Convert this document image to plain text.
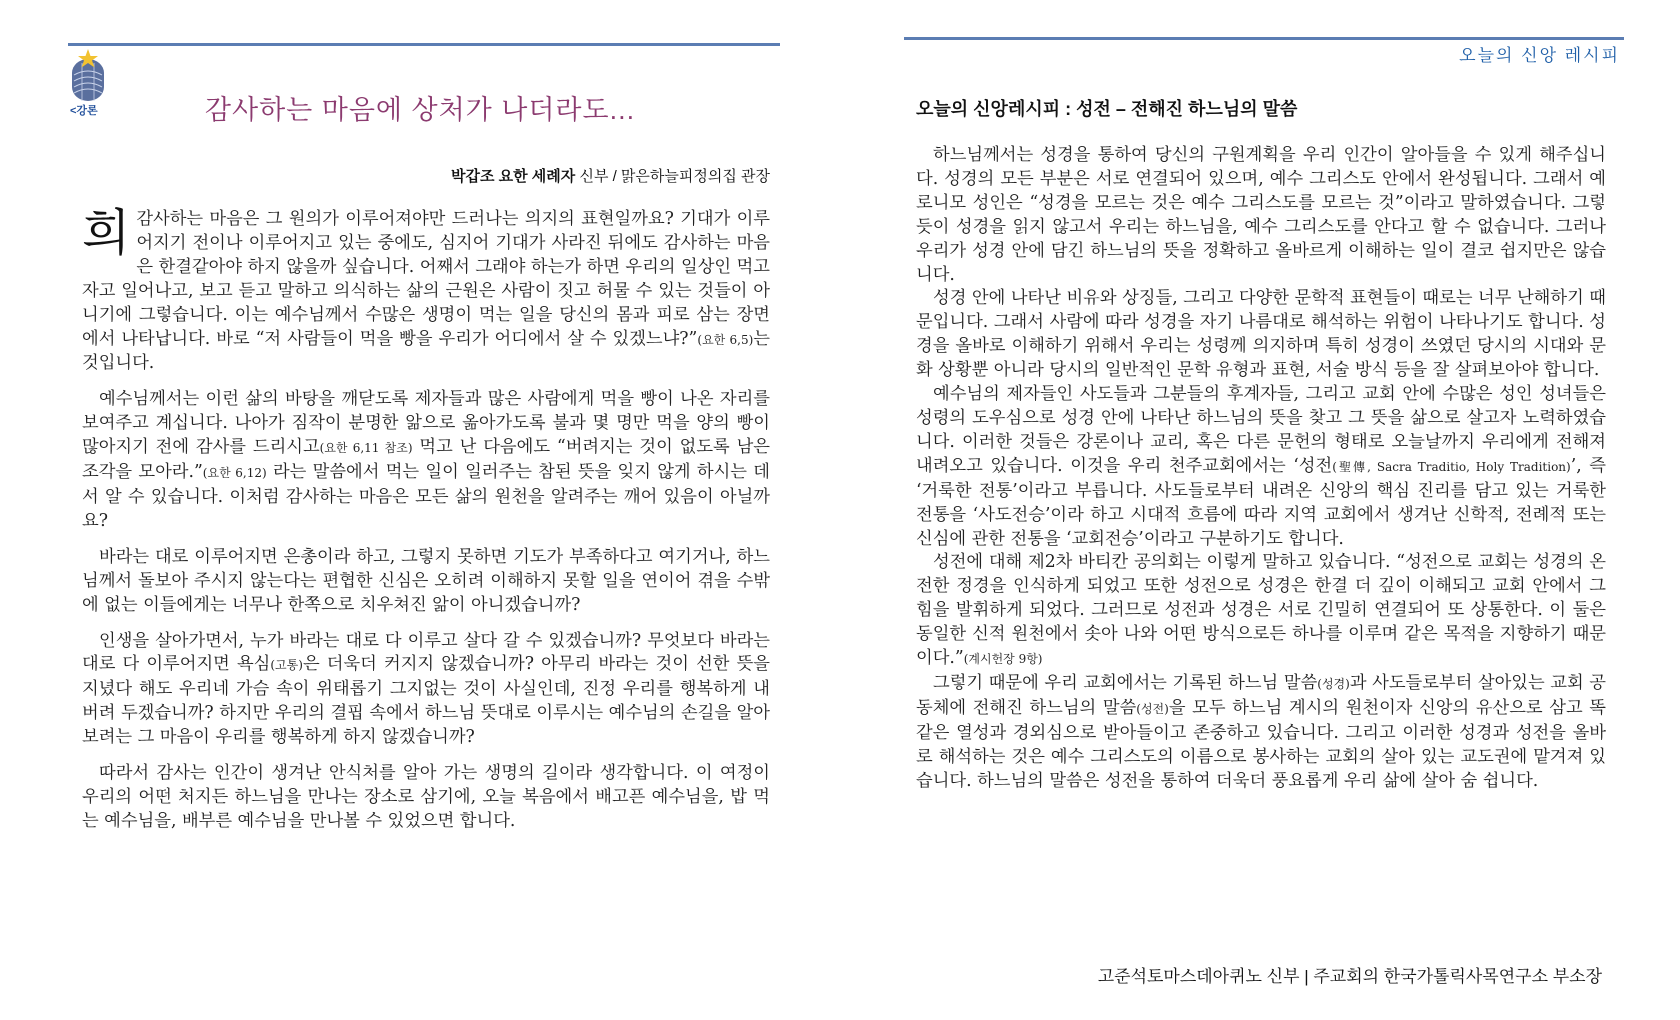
<강론	감사하는 마음에 상처가 나더라도...
박갑조 요한 세례자 신부 / 맑은하늘피정의집 관장

희감사하는 마음은 그 원의가 이루어져야만 드러나는 의지의 표현일까요? 기대가 이루어지기 전이나 이루어지고 있는 중에도, 심지어 기대가 사라진 뒤에도 감사하는 마음은 한결같아야 하지 않을까 싶습니다. 어째서 그래야 하는가 하면 우리의 일상인 먹고 자고 일어나고, 보고 듣고 말하고 의식하는 삶의 근원은 사람이 짓고 허물 수 있는 것들이 아니기에 그렇습니다. 이는 예수님께서 수많은 생명이 먹는 일을 당신의 몸과 피로 삼는 장면에서 나타납니다. 바로 “저 사람들이 먹을 빵을 우리가 어디에서 살 수 있겠느냐?”(요한 6,5)는 것입니다.

예수님께서는 이런 삶의 바탕을 깨닫도록 제자들과 많은 사람에게 먹을 빵이 나온 자리를 보여주고 계십니다. 나아가 짐작이 분명한 앎으로 옮아가도록 불과 몇 명만 먹을 양의 빵이 많아지기 전에 감사를 드리시고(요한 6,11 참조) 먹고 난 다음에도 “버려지는 것이 없도록 남은 조각을 모아라.”(요한 6,12) 라는 말씀에서 먹는 일이 일러주는 참된 뜻을 잊지 않게 하시는 데서 알 수 있습니다. 이처럼 감사하는 마음은 모든 삶의 원천을 알려주는 깨어 있음이 아닐까요?

바라는 대로 이루어지면 은총이라 하고, 그렇지 못하면 기도가 부족하다고 여기거나, 하느님께서 돌보아 주시지 않는다는 편협한 신심은 오히려 이해하지 못할 일을 연이어 겪을 수밖에 없는 이들에게는 너무나 한쪽으로 치우쳐진 앎이 아니겠습니까?

인생을 살아가면서, 누가 바라는 대로 다 이루고 살다 갈 수 있겠습니까? 무엇보다 바라는 대로 다 이루어지면 욕심(고통)은 더욱더 커지지 않겠습니까? 아무리 바라는 것이 선한 뜻을 지녔다 해도 우리네 가슴 속이 위태롭기 그지없는 것이 사실인데, 진정 우리를 행복하게 내버려 두겠습니까? 하지만 우리의 결핍 속에서 하느님 뜻대로 이루시는 예수님의 손길을 알아보려는 그 마음이 우리를 행복하게 하지 않겠습니까?

따라서 감사는 인간이 생겨난 안식처를 알아 가는 생명의 길이라 생각합니다. 이 여정이 우리의 어떤 처지든 하느님을 만나는 장소로 삼기에, 오늘 복음에서 배고픈 예수님을, 밥 먹는 예수님을, 배부른 예수님을 만나볼 수 있었으면 합니다.

오늘의 신앙 레시피
오늘의 신앙레시피 : 성전 – 전해진 하느님의 말씀

하느님께서는 성경을 통하여 당신의 구원계획을 우리 인간이 알아들을 수 있게 해주십니다. 성경의 모든 부분은 서로 연결되어 있으며, 예수 그리스도 안에서 완성됩니다. 그래서 예로니모 성인은 “성경을 모르는 것은 예수 그리스도를 모르는 것”이라고 말하였습니다. 그렇듯이 성경을 읽지 않고서 우리는 하느님을, 예수 그리스도를 안다고 할 수 없습니다. 그러나 우리가 성경 안에 담긴 하느님의 뜻을 정확하고 올바르게 이해하는 일이 결코 쉽지만은 않습니다.

성경 안에 나타난 비유와 상징들, 그리고 다양한 문학적 표현들이 때로는 너무 난해하기 때문입니다. 그래서 사람에 따라 성경을 자기 나름대로 해석하는 위험이 나타나기도 합니다. 성경을 올바로 이해하기 위해서 우리는 성령께 의지하며 특히 성경이 쓰였던 당시의 시대와 문화 상황뿐 아니라 당시의 일반적인 문학 유형과 표현, 서술 방식 등을 잘 살펴보아야 합니다.

예수님의 제자들인 사도들과 그분들의 후계자들, 그리고 교회 안에 수많은 성인 성녀들은 성령의 도우심으로 성경 안에 나타난 하느님의 뜻을 찾고 그 뜻을 삶으로 살고자 노력하였습니다. 이러한 것들은 강론이나 교리, 혹은 다른 문헌의 형태로 오늘날까지 우리에게 전해져 내려오고 있습니다. 이것을 우리 천주교회에서는 ‘성전(聖傳, Sacra Traditio, Holy Tradition)’, 즉 ‘거룩한 전통’이라고 부릅니다. 사도들로부터 내려온 신앙의 핵심 진리를 담고 있는 거룩한 전통을 ‘사도전승’이라 하고 시대적 흐름에 따라 지역 교회에서 생겨난 신학적, 전례적 또는 신심에 관한 전통을 ‘교회전승’이라고 구분하기도 합니다.

성전에 대해 제2차 바티칸 공의회는 이렇게 말하고 있습니다. “성전으로 교회는 성경의 온전한 정경을 인식하게 되었고 또한 성전으로 성경은 한결 더 깊이 이해되고 교회 안에서 그 힘을 발휘하게 되었다. 그러므로 성전과 성경은 서로 긴밀히 연결되어 또 상통한다. 이 둘은 동일한 신적 원천에서 솟아 나와 어떤 방식으로든 하나를 이루며 같은 목적을 지향하기 때문이다.”(계시헌장 9항)

그렇기 때문에 우리 교회에서는 기록된 하느님 말씀(성경)과 사도들로부터 살아있는 교회 공동체에 전해진 하느님의 말씀(성전)을 모두 하느님 계시의 원천이자 신앙의 유산으로 삼고 똑같은 열성과 경외심으로 받아들이고 존중하고 있습니다. 그리고 이러한 성경과 성전을 올바로 해석하는 것은 예수 그리스도의 이름으로 봉사하는 교회의 살아 있는 교도권에 맡겨져 있습니다. 하느님의 말씀은 성전을 통하여 더욱더 풍요롭게 우리 삶에 살아 숨 쉽니다.

고준석토마스데아퀴노 신부 | 주교회의 한국가톨릭사목연구소 부소장
